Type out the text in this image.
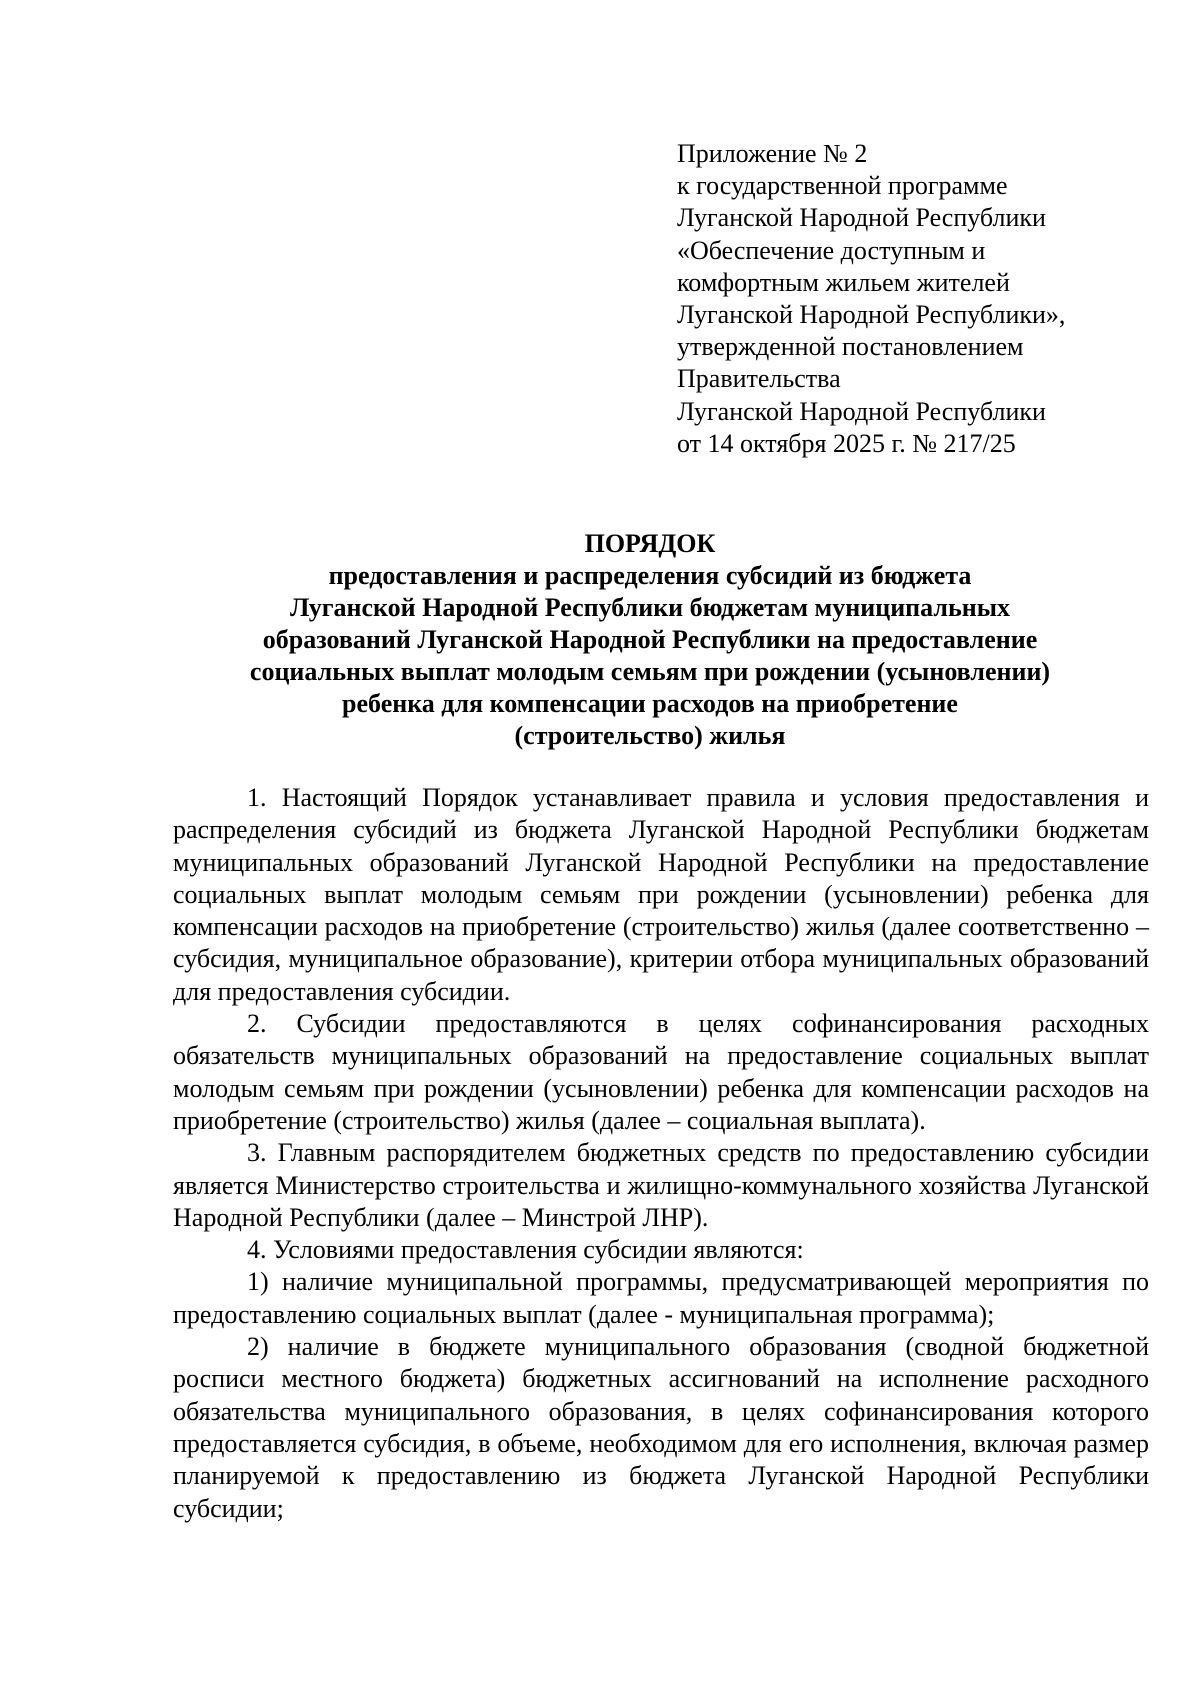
Приложение № 2
к государственной программе
Луганской Народной Республики
«Обеспечение доступным и
комфортным жильем жителей
Луганской Народной Республики»,
утвержденной постановлением
Правительства
Луганской Народной Республики
от 14 октября 2025 г. № 217/25
ПОРЯДОК
предоставления и распределения субсидий из бюджета
Луганской Народной Республики бюджетам муниципальных
образований Луганской Народной Республики на предоставление
социальных выплат молодым семьям при рождении (усыновлении)
ребенка для компенсации расходов на приобретение
(строительство) жилья

1. Настоящий Порядок устанавливает правила и условия предоставления и распределения субсидий из бюджета Луганской Народной Республики бюджетам муниципальных образований Луганской Народной Республики на предоставление социальных выплат молодым семьям при рождении (усыновлении) ребенка для компенсации расходов на приобретение (строительство) жилья (далее соответственно – субсидия, муниципальное образование), критерии отбора муниципальных образований для предоставления субсидии.

2. Субсидии предоставляются в целях софинансирования расходных обязательств муниципальных образований на предоставление социальных выплат молодым семьям при рождении (усыновлении) ребенка для компенсации расходов на приобретение (строительство) жилья (далее – социальная выплата).

3. Главным распорядителем бюджетных средств по предоставлению субсидии является Министерство строительства и жилищно-коммунального хозяйства Луганской Народной Республики (далее – Минстрой ЛНР).

4. Условиями предоставления субсидии являются:

1) наличие муниципальной программы, предусматривающей мероприятия по предоставлению социальных выплат (далее - муниципальная программа);

2) наличие в бюджете муниципального образования (сводной бюджетной росписи местного бюджета) бюджетных ассигнований на исполнение расходного обязательства муниципального образования, в целях софинансирования которого предоставляется субсидия, в объеме, необходимом для его исполнения, включая размер планируемой к предоставлению из бюджета Луганской Народной Республики субсидии;
